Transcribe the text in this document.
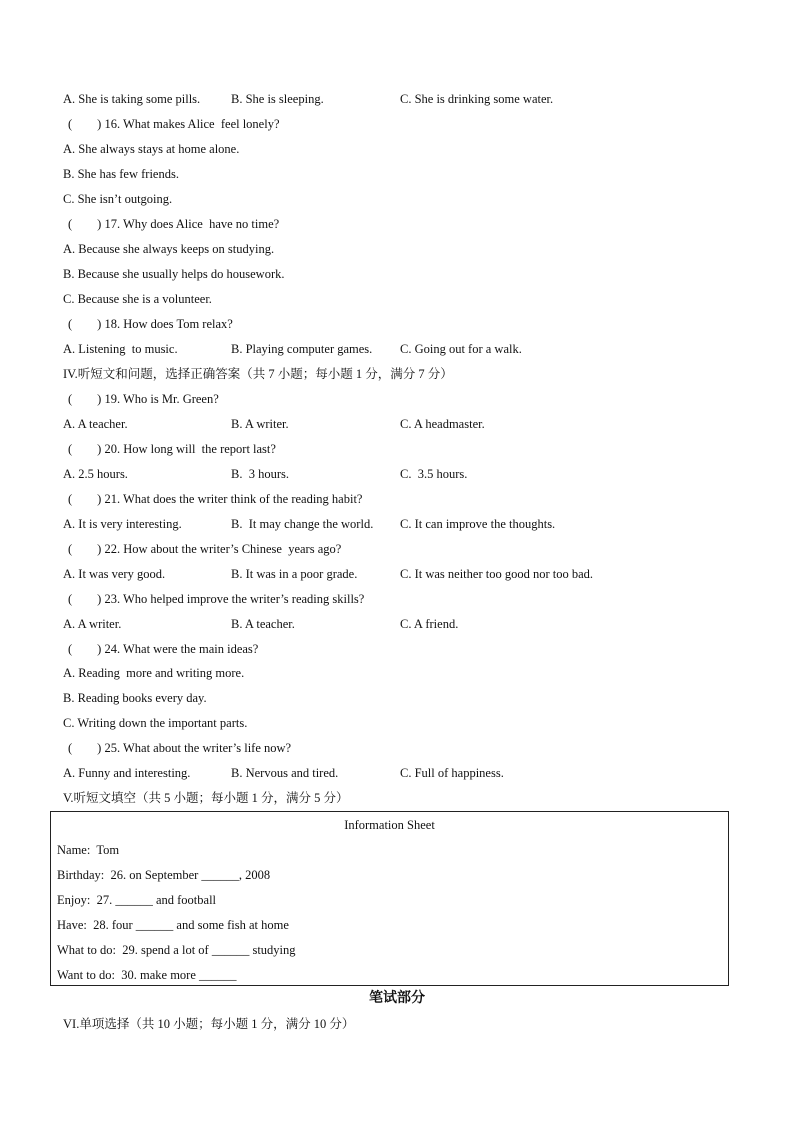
A. She is taking some pills. B. She is sleeping.	C. She is drinking some water.
(        ) 16. What makes Alice  feel lonely?
A. She always stays at home alone.
B. She has few friends.
C. She isn’t outgoing.
(        ) 17. Why does Alice  have no time?
A. Because she always keeps on studying.
B. Because she usually helps do housework.
C. Because she is a volunteer.
(        ) 18. How does Tom relax?
A. Listening  to music.	B. Playing computer games. C. Going out for a walk.
IV.听短文和问题，选择正确答案（共 7 小题；每小题 1 分，满分 7 分）
(        ) 19. Who is Mr. Green?
A. A teacher.	B. A writer.	C. A headmaster.
(        ) 20. How long will  the report last?
A. 2.5 hours.	B.  3 hours.	C.  3.5 hours.
(        ) 21. What does the writer think of the reading habit?
A. It is very interesting.	B.  It may change the world. C. It can improve the thoughts.
(        ) 22. How about the writer’s Chinese  years ago?
A. It was very good.	B. It was in a poor grade.	C. It was neither too good nor too bad.
(        ) 23. Who helped improve the writer’s reading skills?
A. A writer.	B. A teacher.	C. A friend.
(        ) 24. What were the main ideas?
A. Reading  more and writing more.
B. Reading books every day.
C. Writing down the important parts.
(        ) 25. What about the writer’s life now?
A. Funny and interesting.	B. Nervous and tired.	C. Full of happiness.
V.听短文填空（共 5 小题；每小题 1 分，满分 5 分）
Information Sheet
Name:  Tom
Birthday:  26. on September ______, 2008
Enjoy:  27. ______ and football
Have:  28. four ______ and some fish at home
What to do:  29. spend a lot of ______ studying
Want to do:  30. make more ______
笔试部分
VI.单项选择（共 10 小题；每小题 1 分，满分 10 分）
